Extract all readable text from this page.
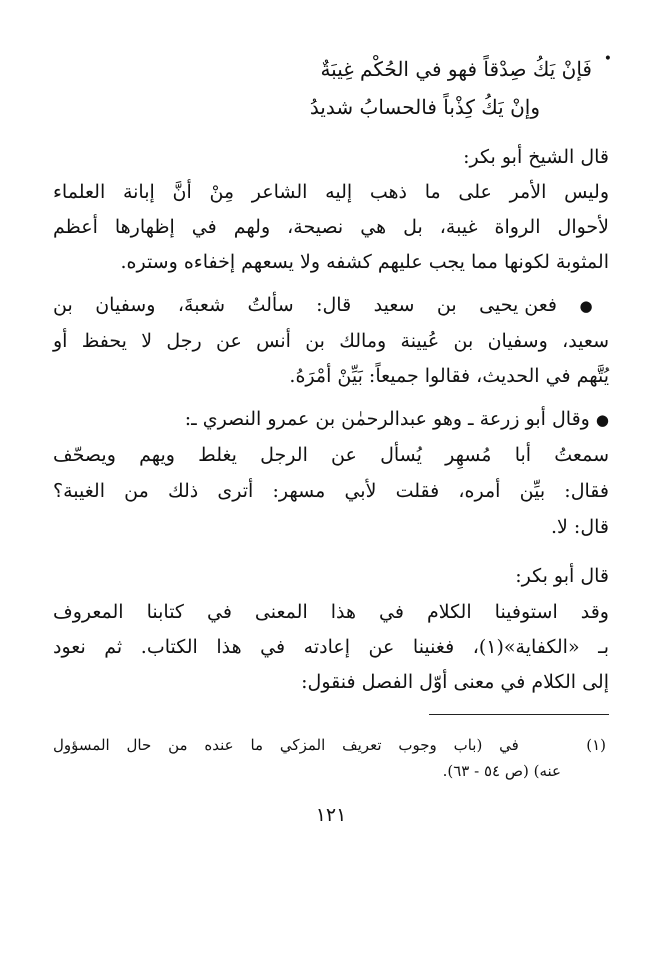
•
فَإنْ يَكُ صِدْقاً فهو في الحُكْم غِيبَةٌ
وإنْ يَكُ كِذْباً فالحسابُ شديدُ
قال الشيخ أبو بكر:
وليس الأمر على ما ذهب إليه الشاعر مِنْ أنَّ إبانة العلماء
لأحوال الرواة غيبة، بل هي نصيحة، ولهم في إظهارها أعظم
المثوبة لكونها مما يجب عليهم كشفه ولا يسعهم إخفاءه وستره.
● فعن يحيى بن سعيد قال: سألتُ شعبةَ، وسفيان بن
سعيد، وسفيان بن عُيينة ومالك بن أنس عن رجل لا يحفظ أو
يُتَّهم في الحديث، فقالوا جميعاً: بَيِّنْ أمْرَهُ.
● وقال أبو زرعة ـ وهو عبدالرحمٰن بن عمرو النصري ـ:
سمعتُ أبا مُسهِر يُسأل عن الرجل يغلط ويهم ويصحّف
فقال: بيِّن أمره، فقلت لأبي مسهر: أترى ذلك من الغيبة؟
قال: لا.
قال أبو بكر:
وقد استوفينا الكلام في هذا المعنى في كتابنا المعروف
بـ «الكفاية»(١)، فغنينا عن إعادته في هذا الكتاب. ثم نعود
إلى الكلام في معنى أوّل الفصل فنقول:
(١)    في (باب وجوب تعريف المزكي ما عنده من حال المسؤول
عنه) (ص ٥٤ - ٦٣).
١٢١
